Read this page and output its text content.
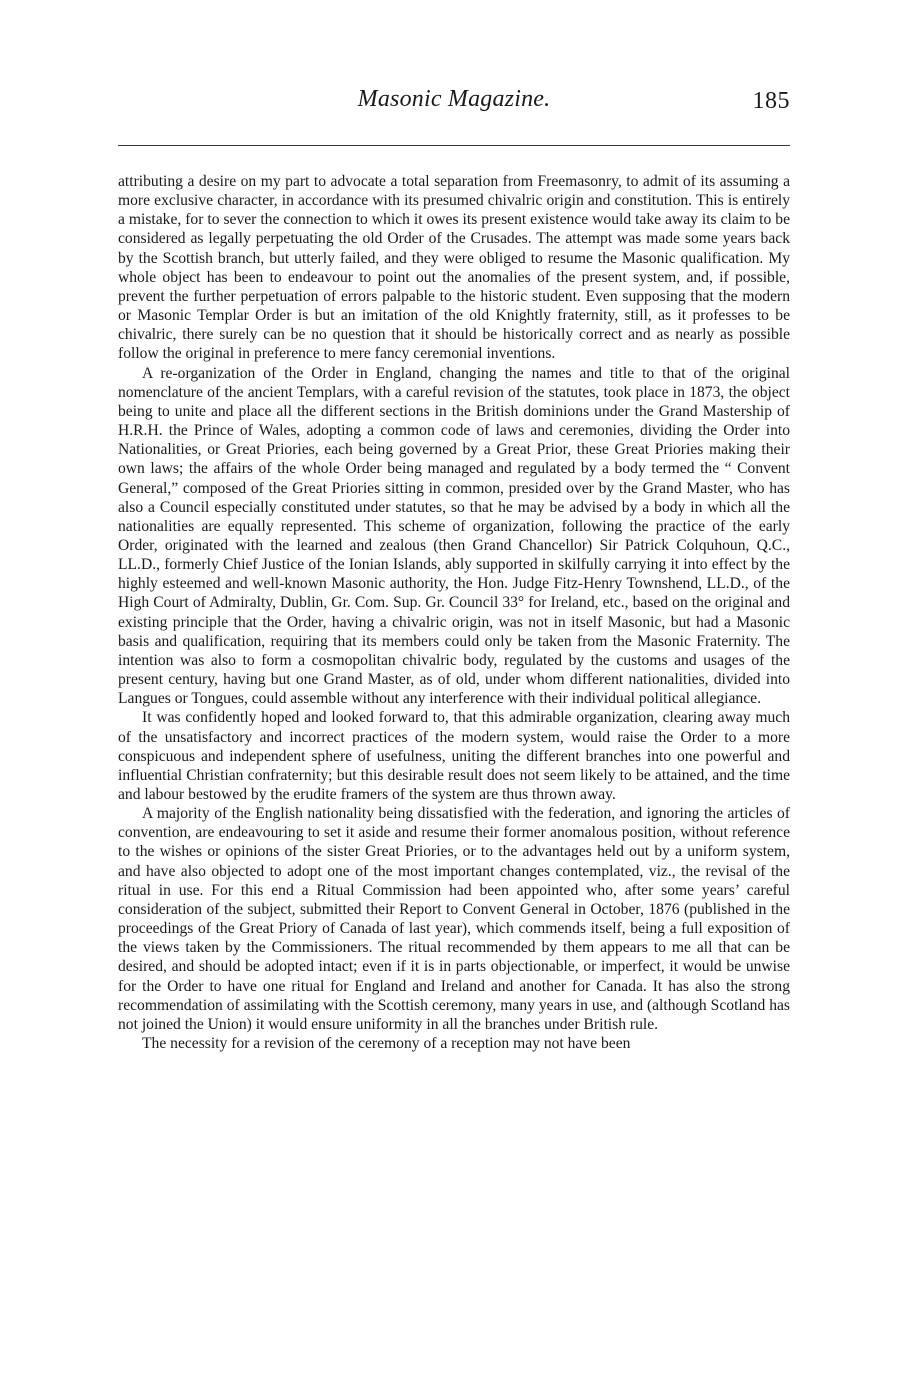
Masonic Magazine.	185

attributing a desire on my part to advocate a total separation from Freemasonry, to admit of its assuming a more exclusive character, in accordance with its presumed chivalric origin and constitution. This is entirely a mistake, for to sever the connection to which it owes its present existence would take away its claim to be considered as legally perpetuating the old Order of the Crusades. The attempt was made some years back by the Scottish branch, but utterly failed, and they were obliged to resume the Masonic qualification. My whole object has been to endeavour to point out the anomalies of the present system, and, if possible, prevent the further perpetuation of errors palpable to the historic student. Even supposing that the modern or Masonic Templar Order is but an imitation of the old Knightly fraternity, still, as it professes to be chivalric, there surely can be no question that it should be historically correct and as nearly as possible follow the original in preference to mere fancy ceremonial inventions.

A re-organization of the Order in England, changing the names and title to that of the original nomenclature of the ancient Templars, with a careful revision of the statutes, took place in 1873, the object being to unite and place all the different sections in the British dominions under the Grand Mastership of H.R.H. the Prince of Wales, adopting a common code of laws and ceremonies, dividing the Order into Nationalities, or Great Priories, each being governed by a Great Prior, these Great Priories making their own laws; the affairs of the whole Order being managed and regulated by a body termed the “ Convent General,” composed of the Great Priories sitting in common, presided over by the Grand Master, who has also a Council especially constituted under statutes, so that he may be advised by a body in which all the nationalities are equally represented. This scheme of organization, following the practice of the early Order, originated with the learned and zealous (then Grand Chancellor) Sir Patrick Colquhoun, Q.C., LL.D., formerly Chief Justice of the Ionian Islands, ably supported in skilfully carrying it into effect by the highly esteemed and well-known Masonic authority, the Hon. Judge Fitz-Henry Townshend, LL.D., of the High Court of Admiralty, Dublin, Gr. Com. Sup. Gr. Council 33° for Ireland, etc., based on the original and existing principle that the Order, having a chivalric origin, was not in itself Masonic, but had a Masonic basis and qualification, requiring that its members could only be taken from the Masonic Fraternity. The intention was also to form a cosmopolitan chivalric body, regulated by the customs and usages of the present century, having but one Grand Master, as of old, under whom different nationalities, divided into Langues or Tongues, could assemble without any interference with their individual political allegiance.

It was confidently hoped and looked forward to, that this admirable organization, clearing away much of the unsatisfactory and incorrect practices of the modern system, would raise the Order to a more conspicuous and independent sphere of usefulness, uniting the different branches into one powerful and influential Christian confraternity; but this desirable result does not seem likely to be attained, and the time and labour bestowed by the erudite framers of the system are thus thrown away.

A majority of the English nationality being dissatisfied with the federation, and ignoring the articles of convention, are endeavouring to set it aside and resume their former anomalous position, without reference to the wishes or opinions of the sister Great Priories, or to the advantages held out by a uniform system, and have also objected to adopt one of the most important changes contemplated, viz., the revisal of the ritual in use. For this end a Ritual Commission had been appointed who, after some years’ careful consideration of the subject, submitted their Report to Convent General in October, 1876 (published in the proceedings of the Great Priory of Canada of last year), which commends itself, being a full exposition of the views taken by the Commissioners. The ritual recommended by them appears to me all that can be desired, and should be adopted intact; even if it is in parts objectionable, or imperfect, it would be unwise for the Order to have one ritual for England and Ireland and another for Canada. It has also the strong recommendation of assimilating with the Scottish ceremony, many years in use, and (although Scotland has not joined the Union) it would ensure uniformity in all the branches under British rule.

The necessity for a revision of the ceremony of a reception may not have been
